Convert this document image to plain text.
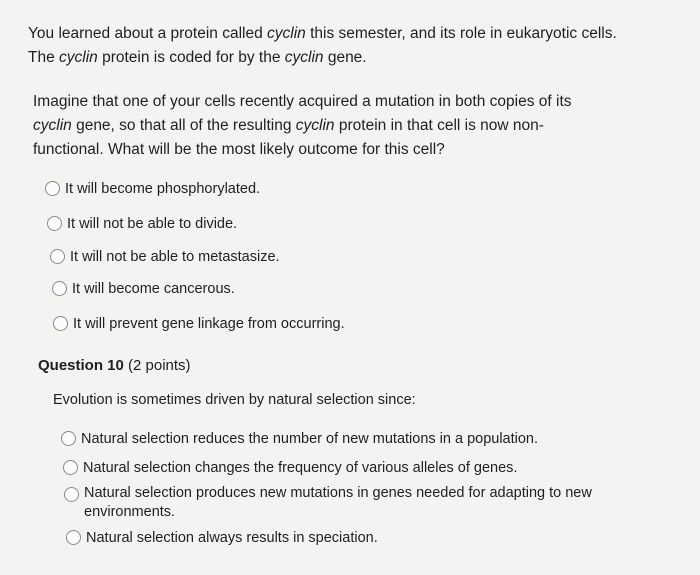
You learned about a protein called cyclin this semester, and its role in eukaryotic cells. The cyclin protein is coded for by the cyclin gene.
Imagine that one of your cells recently acquired a mutation in both copies of its cyclin gene, so that all of the resulting cyclin protein in that cell is now non-functional. What will be the most likely outcome for this cell?
It will become phosphorylated.
It will not be able to divide.
It will not be able to metastasize.
It will become cancerous.
It will prevent gene linkage from occurring.
Question 10 (2 points)
Evolution is sometimes driven by natural selection since:
Natural selection reduces the number of new mutations in a population.
Natural selection changes the frequency of various alleles of genes.
Natural selection produces new mutations in genes needed for adapting to new environments.
Natural selection always results in speciation.
